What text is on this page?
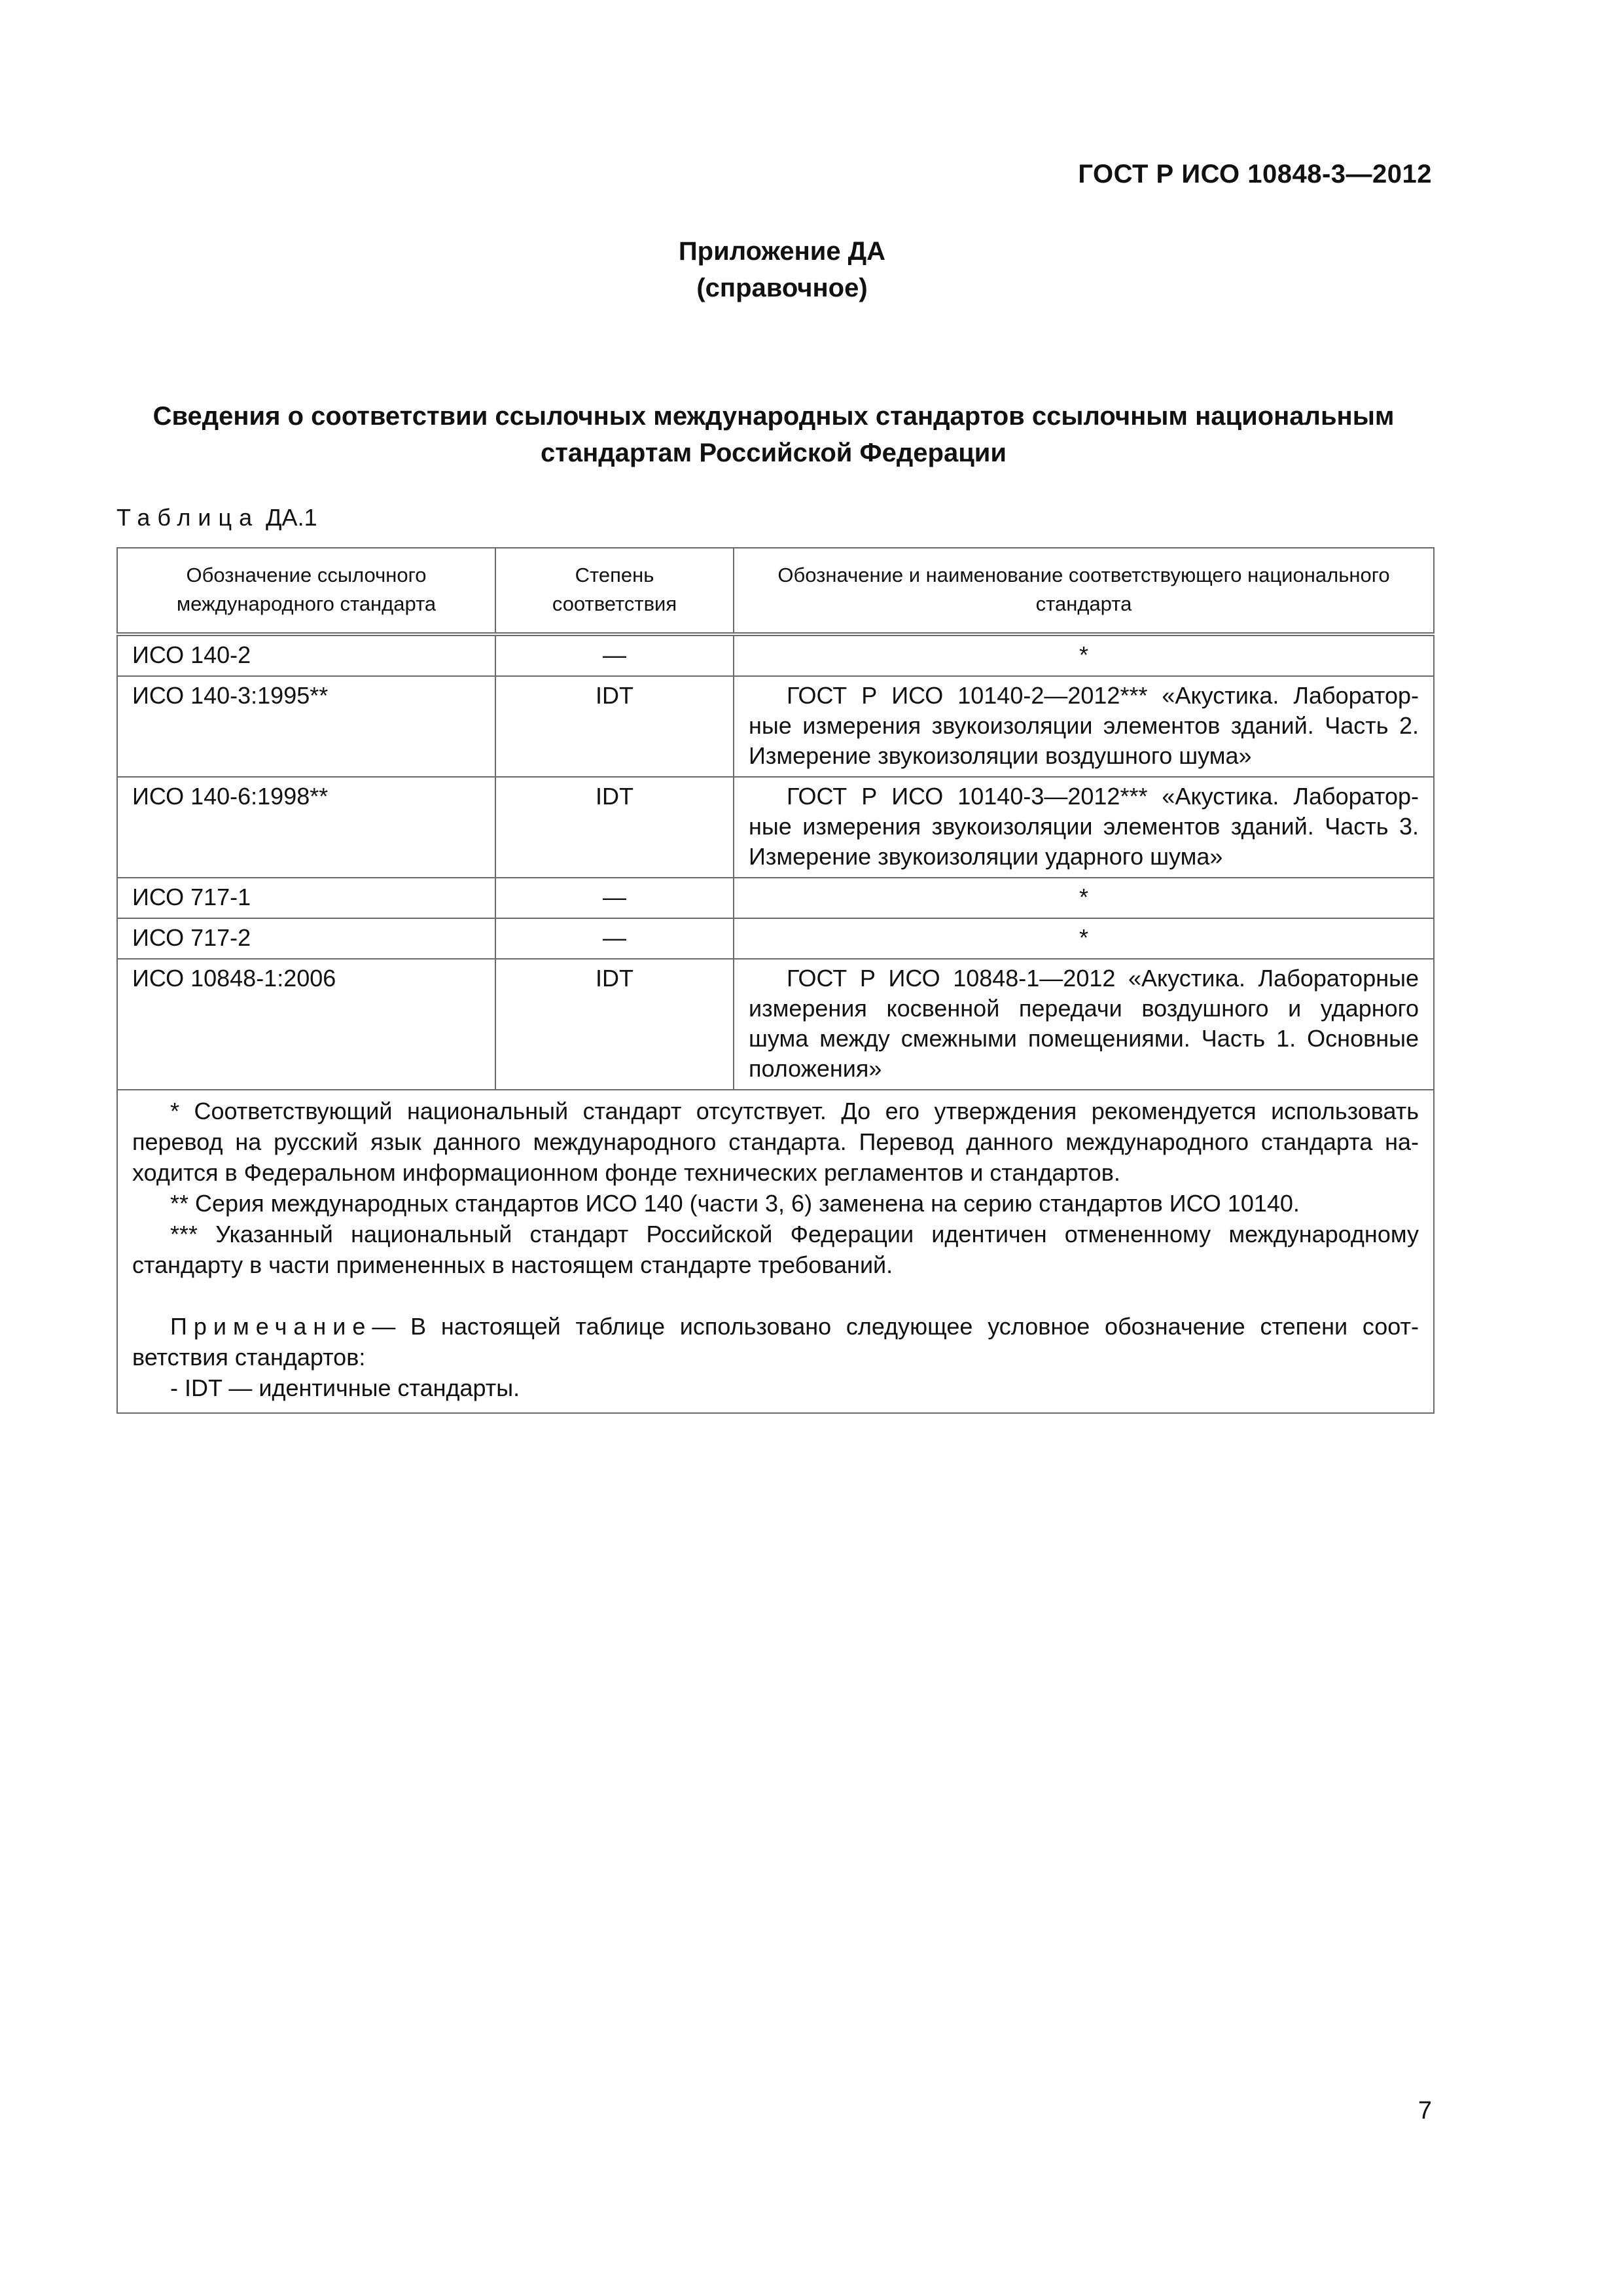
ГОСТ Р ИСО 10848-3—2012
Приложение ДА
(справочное)
Сведения о соответствии ссылочных международных стандартов ссылочным национальным
стандартам Российской Федерации
Таблица ДА.1
Обозначение ссылочного международного стандарта	Степень соответствия	Обозначение и наименование соответствующего национального стандарта
ИСО 140-2	—	*
ИСО 140-3:1995**	IDT	ГОСТ Р ИСО 10140-2—2012*** «Акустика. Лаборатор-ные измерения звукоизоляции элементов зданий. Часть 2. Измерение звукоизоляции воздушного шума»
ИСО 140-6:1998**	IDT	ГОСТ Р ИСО 10140-3—2012*** «Акустика. Лаборатор-ные измерения звукоизоляции элементов зданий. Часть 3. Измерение звукоизоляции ударного шума»
ИСО 717-1	—	*
ИСО 717-2	—	*
ИСО 10848-1:2006	IDT	ГОСТ Р ИСО 10848-1—2012 «Акустика. Лабораторные измерения косвенной передачи воздушного и ударного шума между смежными помещениями. Часть 1. Основные положения»

* Соответствующий национальный стандарт отсутствует. До его утверждения рекомендуется использовать перевод на русский язык данного международного стандарта. Перевод данного международного стандарта на-ходится в Федеральном информационном фонде технических регламентов и стандартов.

** Серия международных стандартов ИСО 140 (части 3, 6) заменена на серию стандартов ИСО 10140.

*** Указанный национальный стандарт Российской Федерации идентичен отмененному международному стандарту в части примененных в настоящем стандарте требований.

Примечание— В настоящей таблице использовано следующее условное обозначение степени соот-ветствия стандартов:

- IDT — идентичные стандарты.		

7
